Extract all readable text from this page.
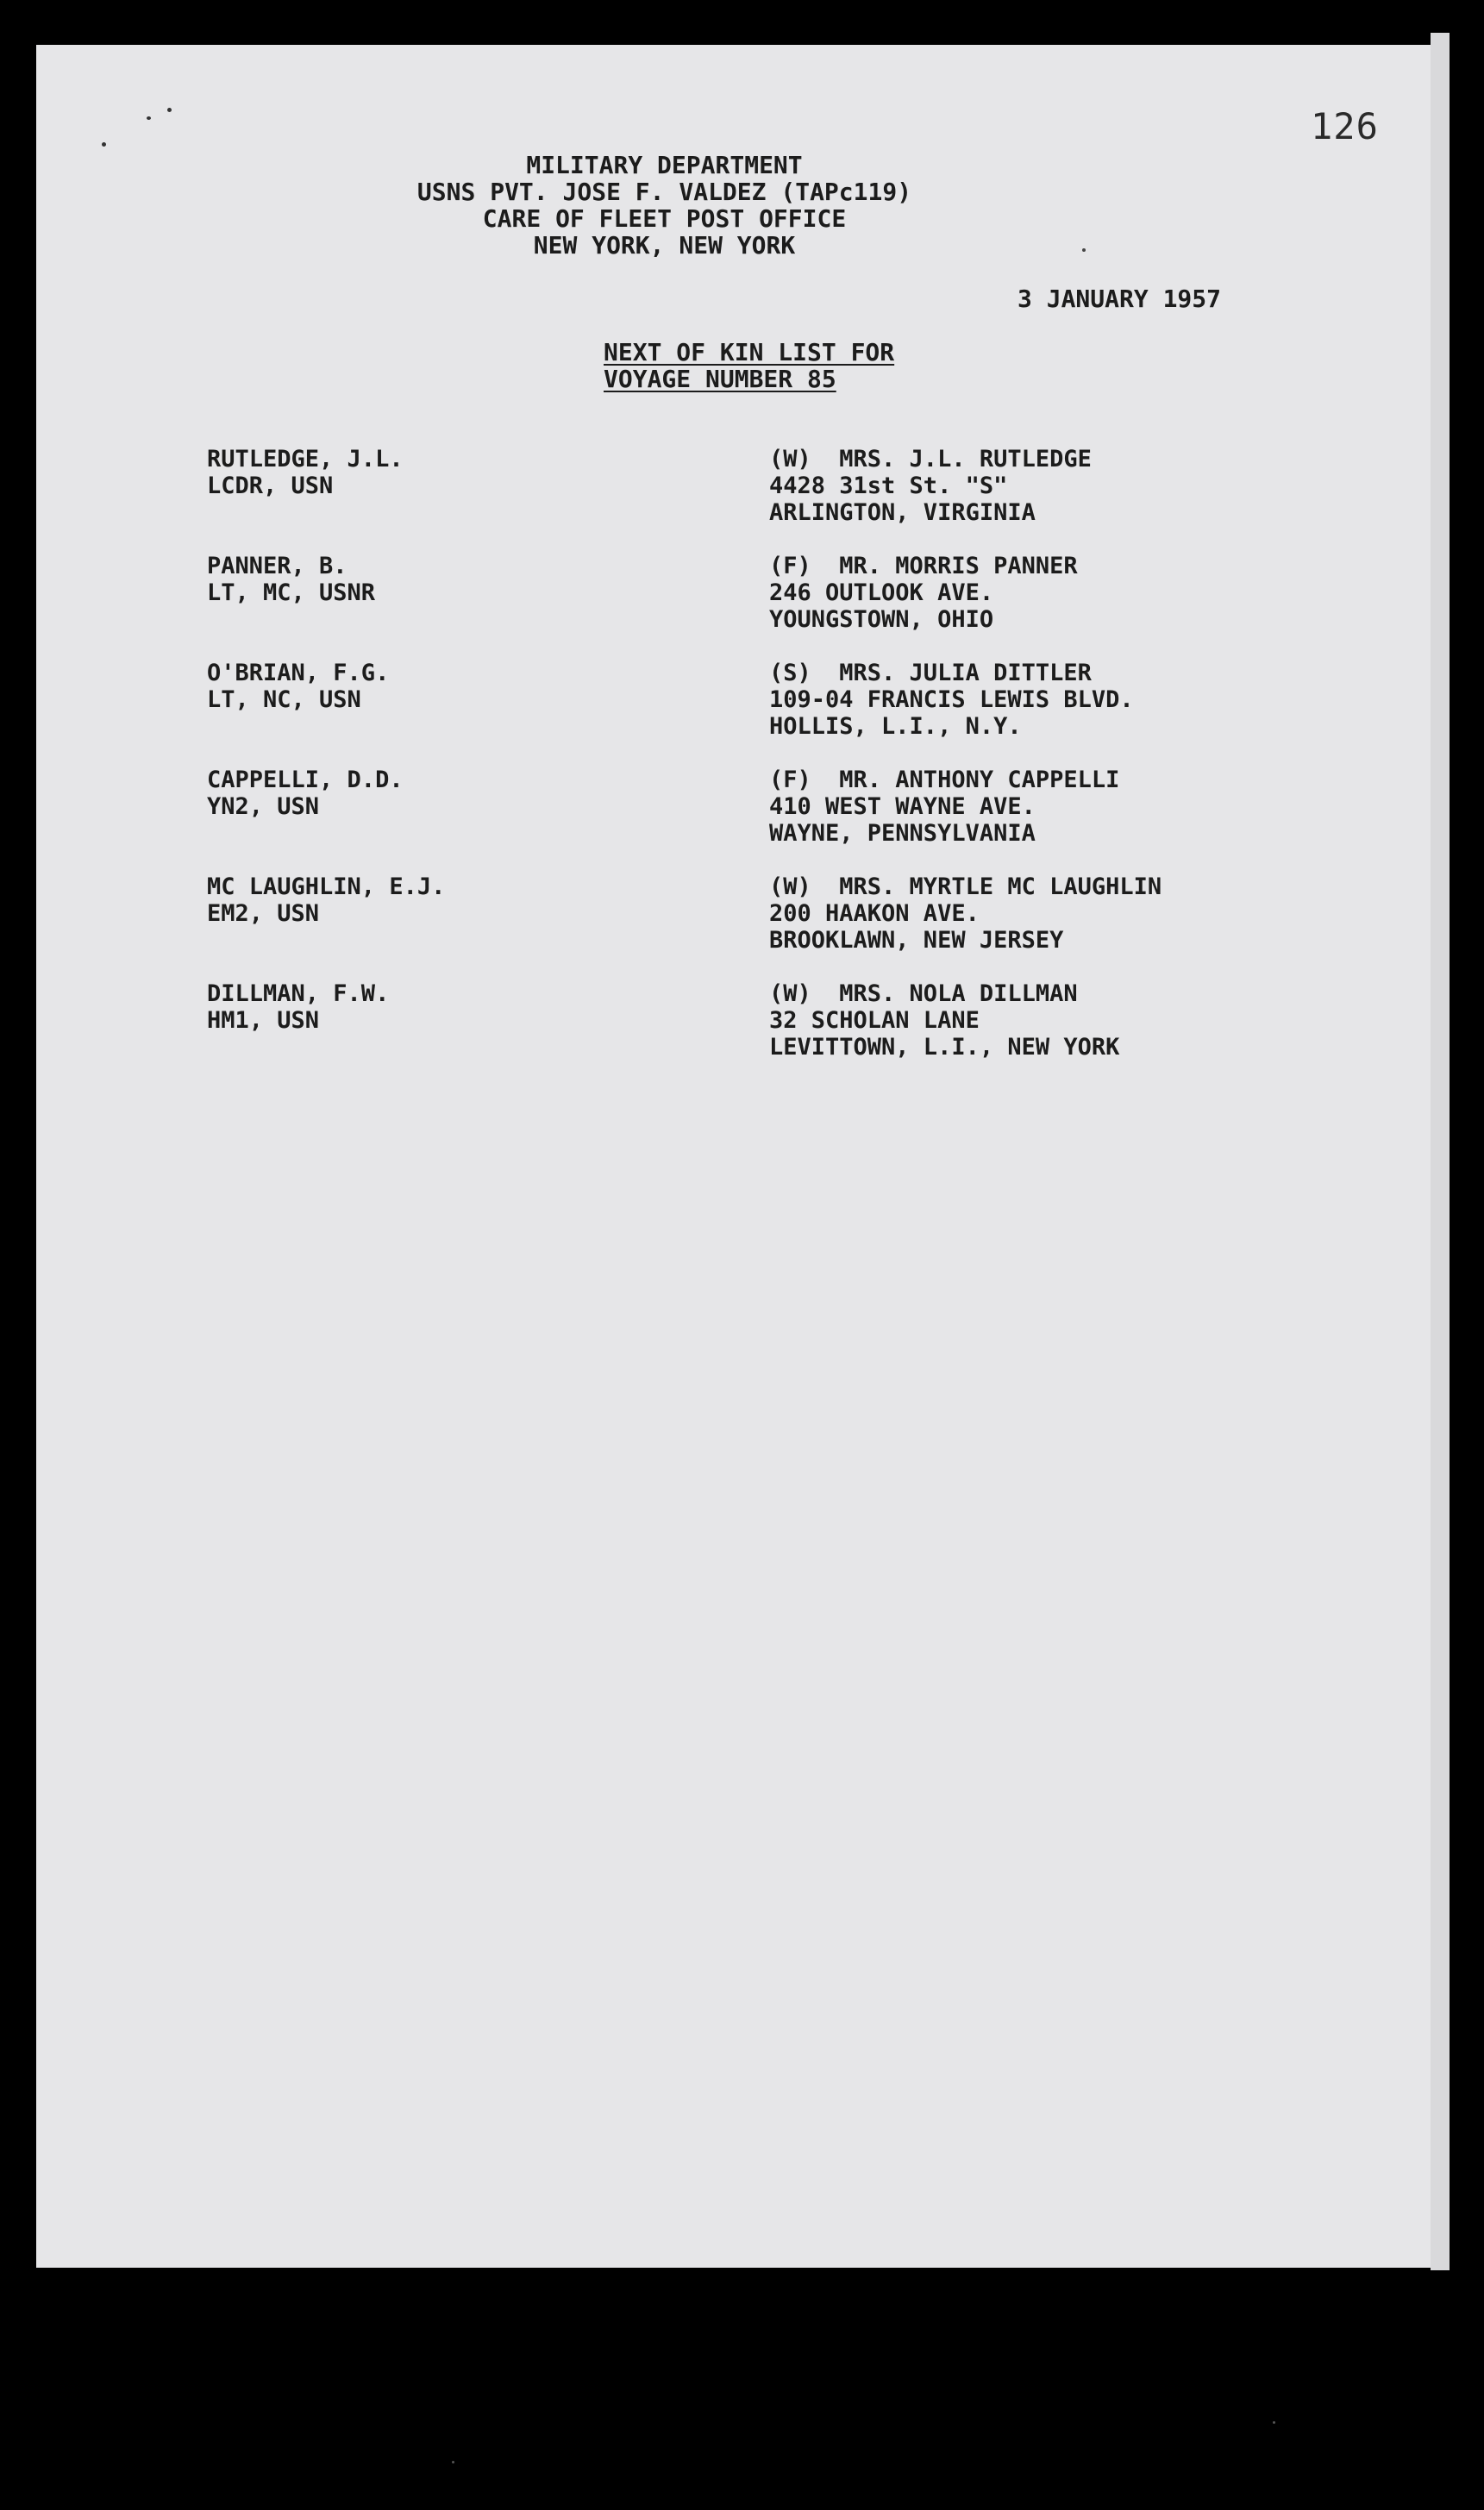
126
MILITARY DEPARTMENT
USNS PVT. JOSE F. VALDEZ (TAPc119)
CARE OF FLEET POST OFFICE
NEW YORK, NEW YORK
3 JANUARY 1957
NEXT OF KIN LIST FOR
VOYAGE NUMBER 85
RUTLEDGE, J.L.
LCDR, USN
(W)  MRS. J.L. RUTLEDGE
4428 31st St. "S"
ARLINGTON, VIRGINIA
PANNER, B.
LT, MC, USNR
(F)  MR. MORRIS PANNER
246 OUTLOOK AVE.
YOUNGSTOWN, OHIO
O'BRIAN, F.G.
LT, NC, USN
(S)  MRS. JULIA DITTLER
109-04 FRANCIS LEWIS BLVD.
HOLLIS, L.I., N.Y.
CAPPELLI, D.D.
YN2, USN
(F)  MR. ANTHONY CAPPELLI
410 WEST WAYNE AVE.
WAYNE, PENNSYLVANIA
MC LAUGHLIN, E.J.
EM2, USN
(W)  MRS. MYRTLE MC LAUGHLIN
200 HAAKON AVE.
BROOKLAWN, NEW JERSEY
DILLMAN, F.W.
HM1, USN
(W)  MRS. NOLA DILLMAN
32 SCHOLAN LANE
LEVITTOWN, L.I., NEW YORK
